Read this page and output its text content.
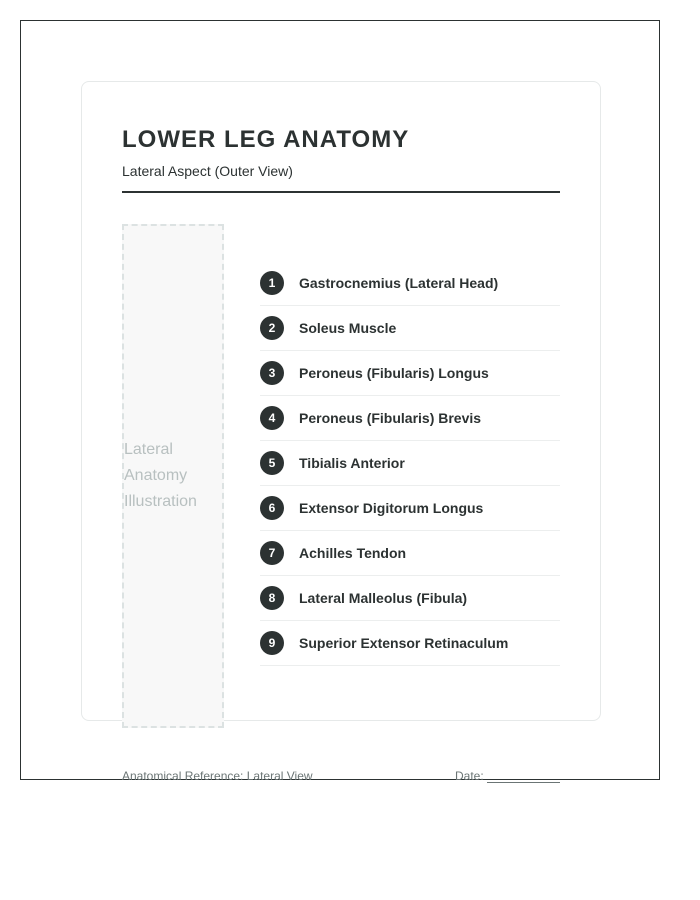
LOWER LEG ANATOMY
Lateral Aspect (Outer View)
Lateral
Anatomy
Illustration
1	Gastrocnemius (Lateral Head)
2	Soleus Muscle
3	Peroneus (Fibularis) Longus
4	Peroneus (Fibularis) Brevis
5	Tibialis Anterior
6	Extensor Digitorum Longus
7	Achilles Tendon
8	Lateral Malleolus (Fibula)
9	Superior Extensor Retinaculum
Anatomical Reference: Lateral View	Date:
